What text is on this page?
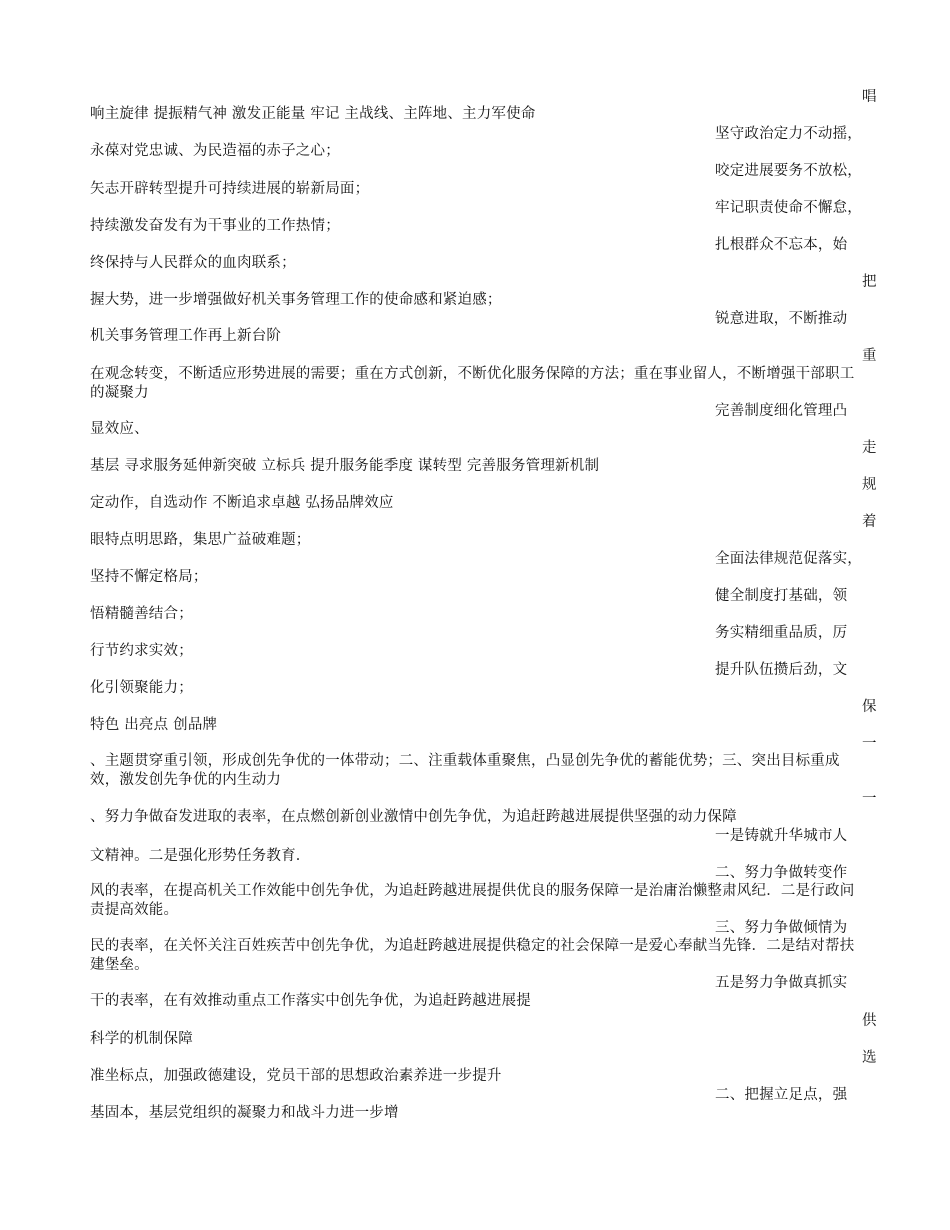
响主旋律 提振精气神 激发正能量 牢记 主战线、主阵地、主力军使命
永葆对党忠诚、为民造福的赤子之心；
矢志开辟转型提升可持续进展的崭新局面；
持续激发奋发有为干事业的工作热情；
终保持与人民群众的血肉联系；
握大势，进一步增强做好机关事务管理工作的使命感和紧迫感；
机关事务管理工作再上新台阶
在观念转变，不断适应形势进展的需要；重在方式创新，不断优化服务保障的方法；重在事业留人，不断增强干部职工的凝聚力
显效应、
基层 寻求服务延伸新突破 立标兵 提升服务能季度 谋转型 完善服务管理新机制
定动作，自选动作 不断追求卓越 弘扬品牌效应
眼特点明思路，集思广益破难题；
坚持不懈定格局；
悟精髓善结合；
行节约求实效；
化引领聚能力；
特色 出亮点 创品牌
、主题贯穿重引领，形成创先争优的一体带动；二、注重载体重聚焦，凸显创先争优的蓄能优势；三、突出目标重成效，激发创先争优的内生动力
、努力争做奋发进取的表率，在点燃创新创业激情中创先争优，为追赶跨越进展提供坚强的动力保障
文精神。二是强化形势任务教育．
风的表率，在提高机关工作效能中创先争优，为追赶跨越进展提供优良的服务保障一是治庸治懒整肃风纪．二是行政问责提高效能。
民的表率，在关怀关注百姓疾苦中创先争优，为追赶跨越进展提供稳定的社会保障一是爱心奉献当先锋．二是结对帮扶建堡垒。
干的表率，在有效推动重点工作落实中创先争优，为追赶跨越进展提
科学的机制保障
准坐标点，加强政德建设，党员干部的思想政治素养进一步提升
基固本，基层党组织的凝聚力和战斗力进一步增
唱
坚守政治定力不动摇，
咬定进展要务不放松，
牢记职责使命不懈怠，
扎根群众不忘本，始
把
锐意进取，不断推动
重
完善制度细化管理凸
走
规
着
全面法律规范促落实，
健全制度打基础，领
务实精细重品质，厉
提升队伍攒后劲，文
保
一
一
一是铸就升华城市人
二、努力争做转变作
三、努力争做倾情为
五是努力争做真抓实
供
选
二、把握立足点，强
